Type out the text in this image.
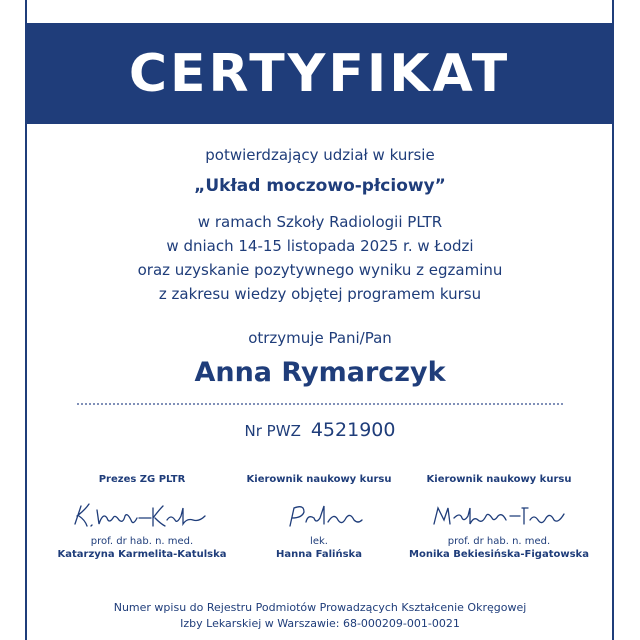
CERTYFIKAT
potwierdzający udział w kursie
„Układ moczowo-płciowy”
w ramach Szkoły Radiologii PLTR
w dniach 14-15 listopada 2025 r. w Łodzi
oraz uzyskanie pozytywnego wyniku z egzaminu
z zakresu wiedzy objętej programem kursu
otrzymuje Pani/Pan
Anna Rymarczyk
Nr PWZ 4521900
Prezes ZG PLTR
prof. dr hab. n. med.
Katarzyna Karmelita-Katulska
Kierownik naukowy kursu
lek.
Hanna Falińska
Kierownik naukowy kursu
prof. dr hab. n. med.
Monika Bekiesińska-Figatowska
Numer wpisu do Rejestru Podmiotów Prowadzących Kształcenie Okręgowej
Izby Lekarskiej w Warszawie: 68-000209-001-0021
